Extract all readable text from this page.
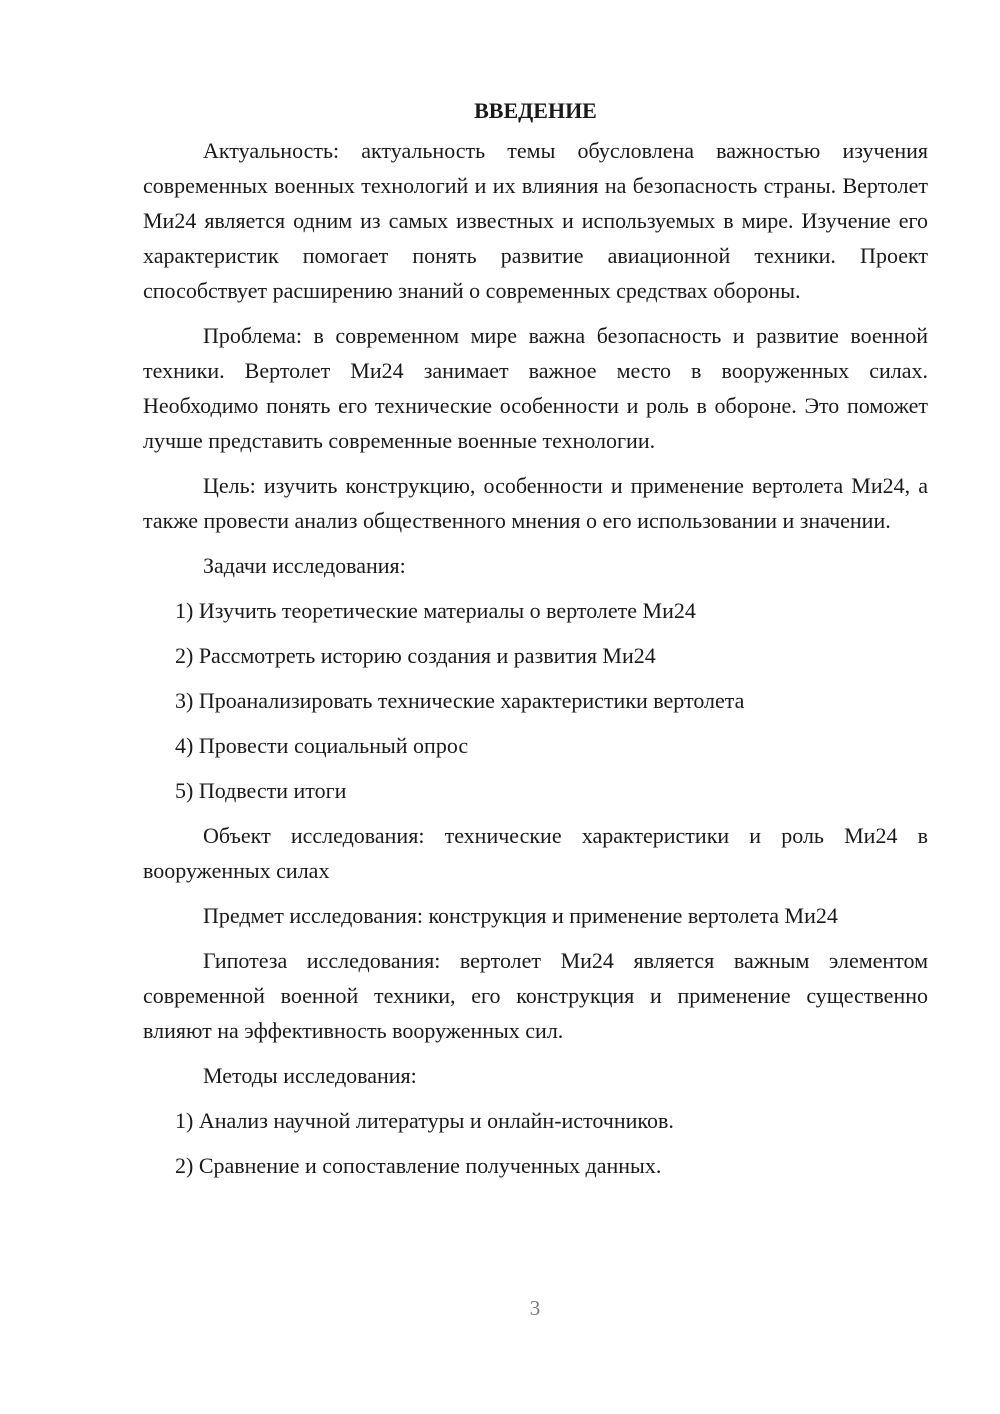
ВВЕДЕНИЕ

Актуальность: актуальность темы обусловлена важностью изучения современных военных технологий и их влияния на безопасность страны. Вертолет Ми24 является одним из самых известных и используемых в мире. Изучение его характеристик помогает понять развитие авиационной техники. Проект способствует расширению знаний о современных средствах обороны.

Проблема: в современном мире важна безопасность и развитие военной техники. Вертолет Ми24 занимает важное место в вооруженных силах. Необходимо понять его технические особенности и роль в обороне. Это поможет лучше представить современные военные технологии.

Цель: изучить конструкцию, особенности и применение вертолета Ми24, а также провести анализ общественного мнения о его использовании и значении.

Задачи исследования:

1) Изучить теоретические материалы о вертолете Ми24
2) Рассмотреть историю создания и развития Ми24
3) Проанализировать технические характеристики вертолета
4) Провести социальный опрос
5) Подвести итоги

Объект исследования: технические характеристики и роль Ми24 в вооруженных силах

Предмет исследования: конструкция и применение вертолета Ми24

Гипотеза исследования: вертолет Ми24 является важным элементом современной военной техники, его конструкция и применение существенно влияют на эффективность вооруженных сил.

Методы исследования:

1) Анализ научной литературы и онлайн-источников.
2) Сравнение и сопоставление полученных данных.
3
